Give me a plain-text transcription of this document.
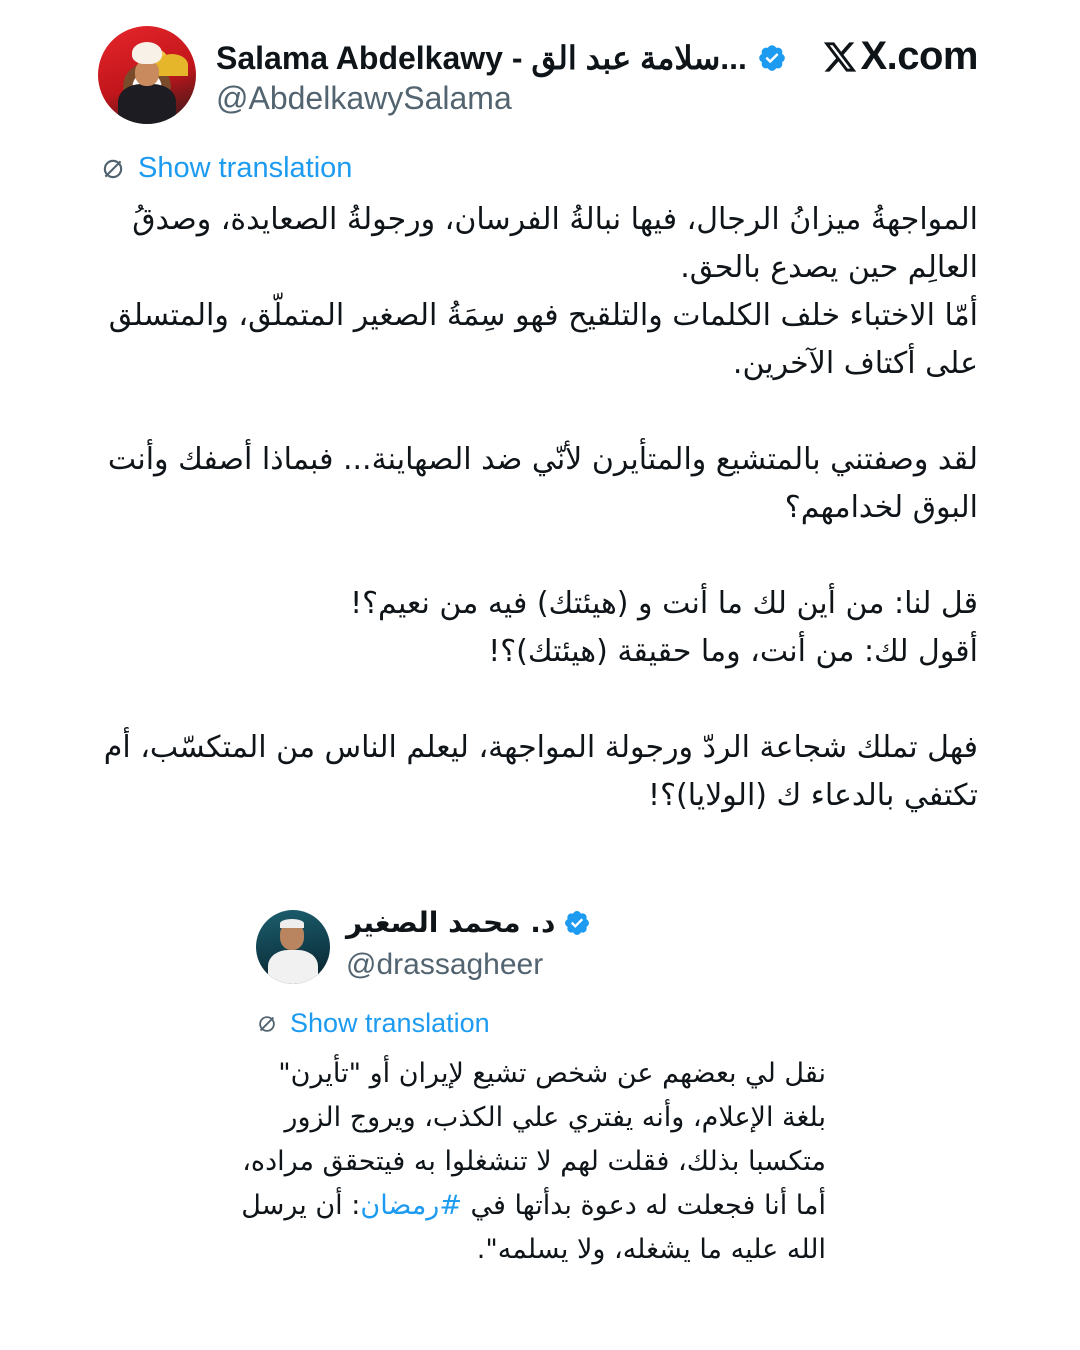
Salama Abdelkawy - سلامة عبد الق...
@AbdelkawySalama
X.com
Show translation
المواجهةُ ميزانُ الرجال، فيها نبالةُ الفرسان، ورجولةُ الصعايدة، وصدقُ العالِم حين يصدع بالحق.
أمّا الاختباء خلف الكلمات والتلقيح فهو سِمَةُ الصغير المتملّق، والمتسلق على أكتاف الآخرين.
لقد وصفتني بالمتشيع والمتأيرن لأنّي ضد الصهاينة... فبماذا أصفك وأنت البوق لخدامهم؟
قل لنا: من أين لك ما أنت و (هيئتك) فيه من نعيم؟!
أقول لك: من أنت، وما حقيقة (هيئتك)؟!
فهل تملك شجاعة الردّ ورجولة المواجهة، ليعلم الناس من المتكسّب، أم تكتفي بالدعاء ك (الولايا)؟!
د. محمد الصغير
@drassagheer
Show translation
نقل لي بعضهم عن شخص تشيع لإيران أو "تأيرن" بلغة الإعلام، وأنه يفتري علي الكذب، ويروج الزور متكسبا بذلك، فقلت لهم لا تنشغلوا به فيتحقق مراده، أما أنا فجعلت له دعوة بدأتها في #رمضان: أن يرسل الله عليه ما يشغله، ولا يسلمه".
